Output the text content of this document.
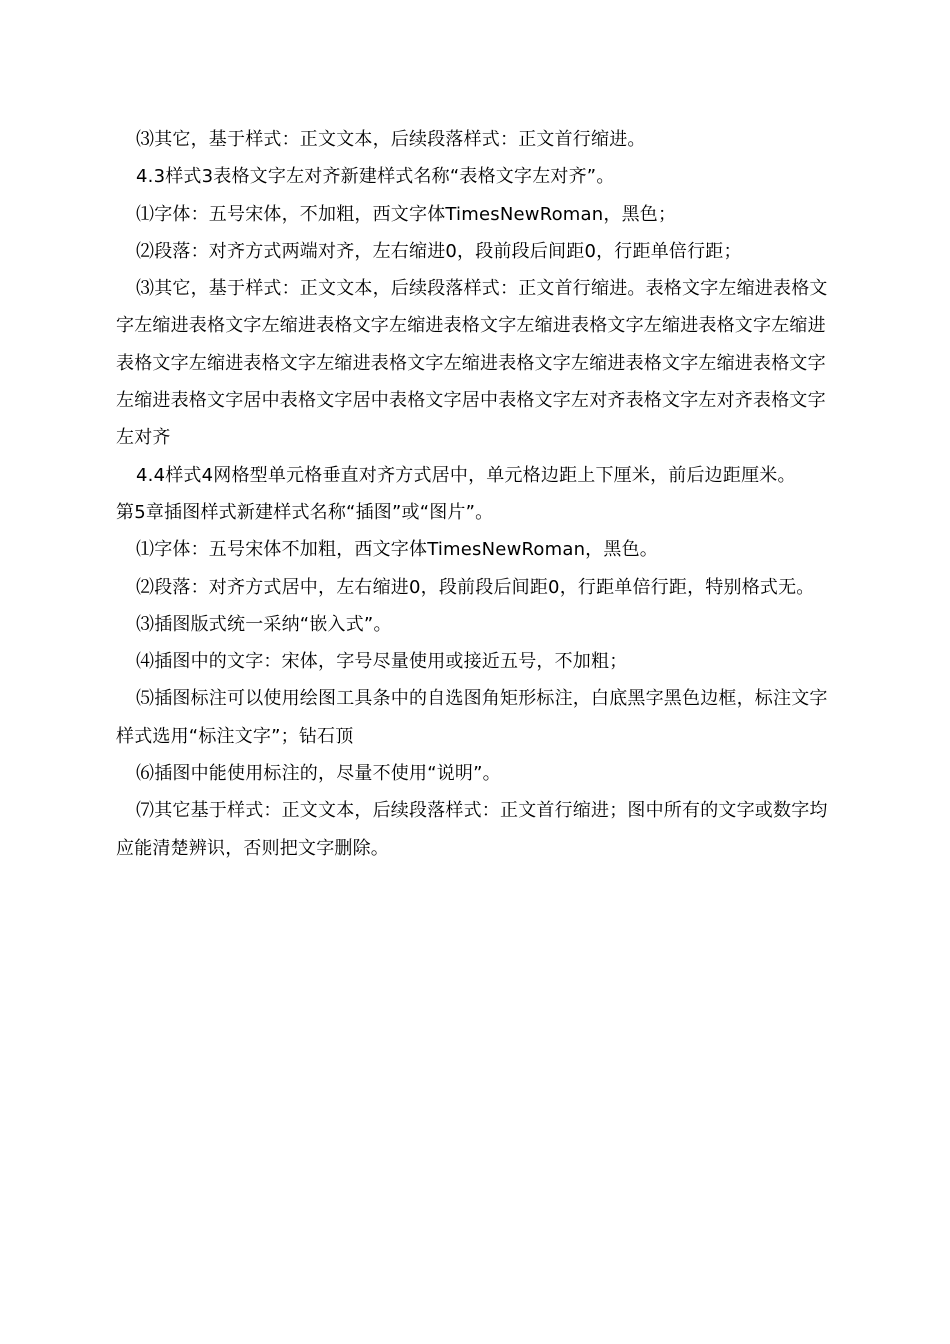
⑶其它，基于样式：正文文本，后续段落样式：正文首行缩进。

4.3样式3表格文字左对齐新建样式名称“表格文字左对齐”。

⑴字体：五号宋体，不加粗，西文字体TimesNewRoman，黑色；

⑵段落：对齐方式两端对齐，左右缩进0，段前段后间距0，行距单倍行距；

⑶其它，基于样式：正文文本，后续段落样式：正文首行缩进。表格文字左缩进表格文字左缩进表格文字左缩进表格文字左缩进表格文字左缩进表格文字左缩进表格文字左缩进表格文字左缩进表格文字左缩进表格文字左缩进表格文字左缩进表格文字左缩进表格文字左缩进表格文字居中表格文字居中表格文字居中表格文字左对齐表格文字左对齐表格文字左对齐

4.4样式4网格型单元格垂直对齐方式居中，单元格边距上下厘米，前后边距厘米。

第5章插图样式新建样式名称“插图”或“图片”。

⑴字体：五号宋体不加粗，西文字体TimesNewRoman，黑色。

⑵段落：对齐方式居中，左右缩进0，段前段后间距0，行距单倍行距，特别格式无。

⑶插图版式统一采纳“嵌入式”。

⑷插图中的文字：宋体，字号尽量使用或接近五号，不加粗；

⑸插图标注可以使用绘图工具条中的自选图角矩形标注，白底黑字黑色边框，标注文字样式选用“标注文字”；钻石顶

⑹插图中能使用标注的，尽量不使用“说明”。

⑺其它基于样式：正文文本，后续段落样式：正文首行缩进；图中所有的文字或数字均应能清楚辨识，否则把文字删除。
